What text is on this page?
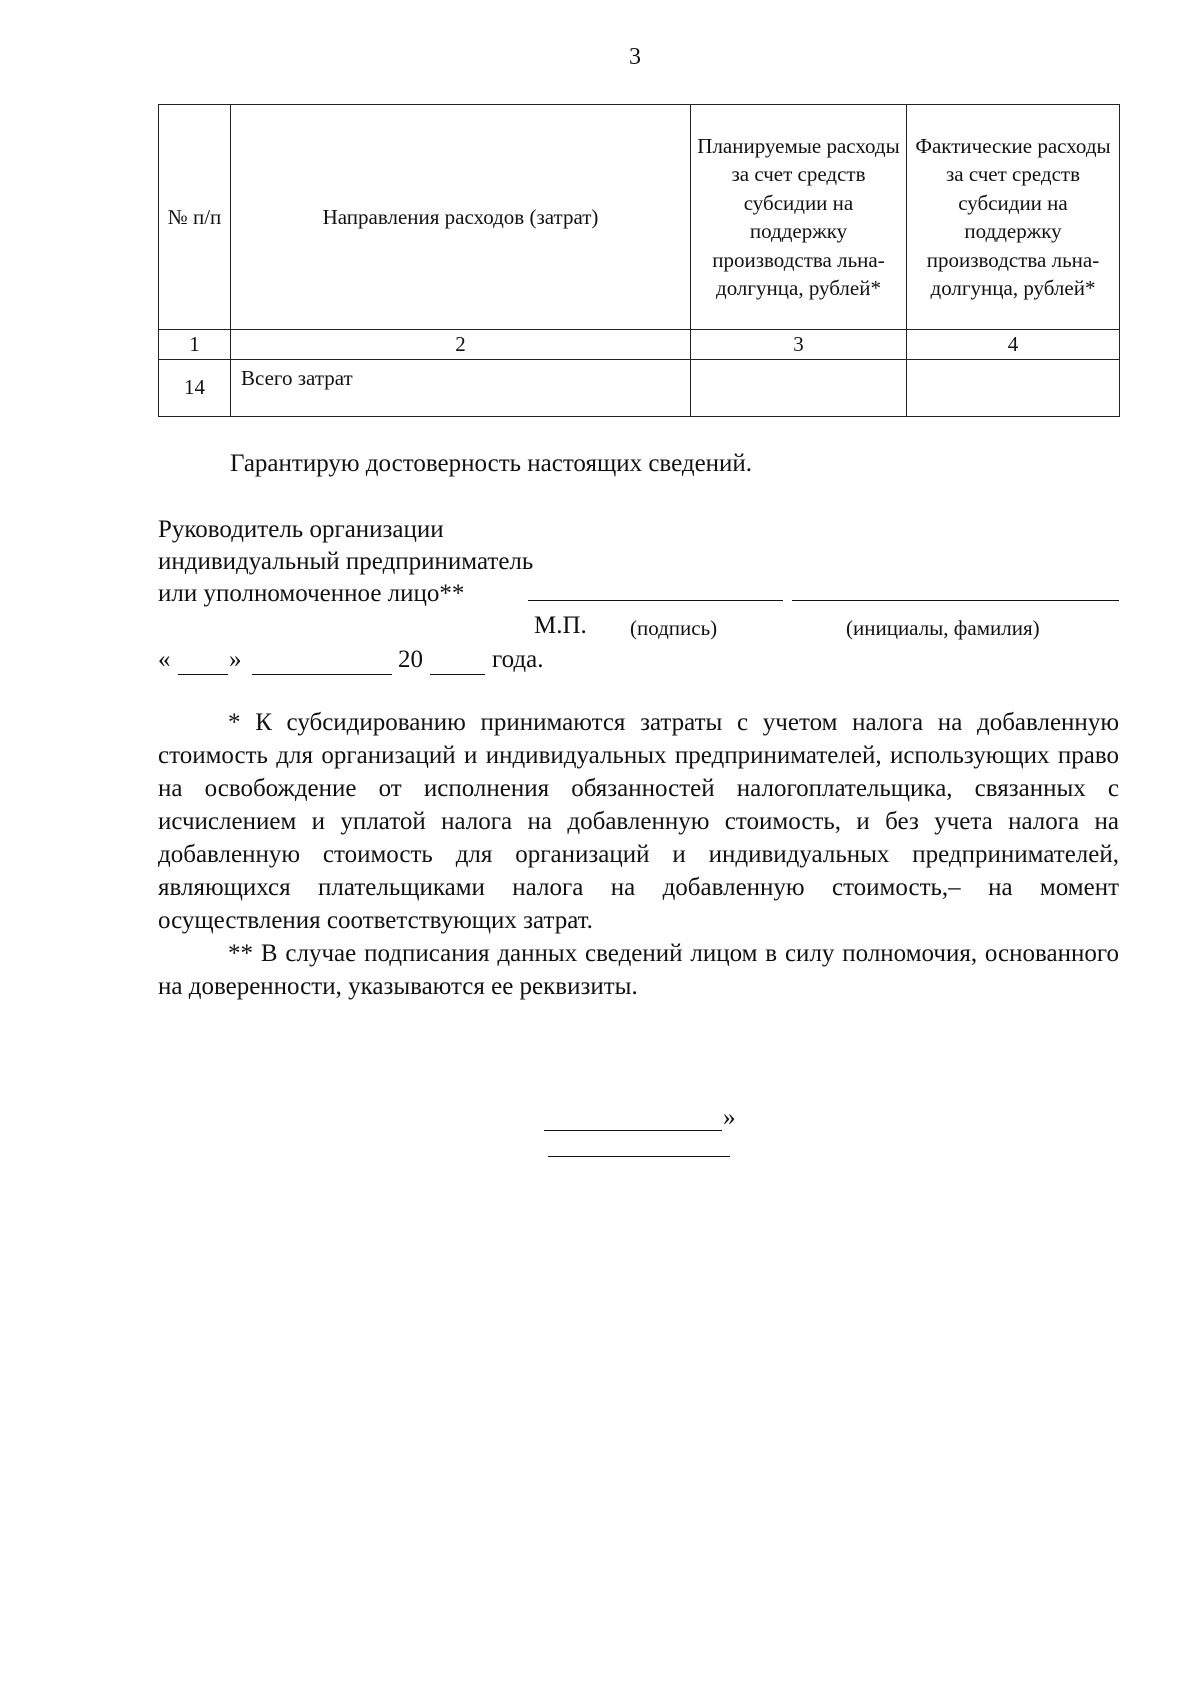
3
№ п/п	Направления расходов (затрат)	Планируемые расходы за счет средств субсидии на поддержку производства льна-долгунца, рублей*	Фактические расходы за счет средств субсидии на поддержку производства льна-долгунца, рублей*
1	2	3	4
14	Всего затрат		
Гарантирую достоверность настоящих сведений.
Руководитель организации
индивидуальный предприниматель
или уполномоченное лицо**
М.П. (подпись)	(инициалы, фамилия)
« »	20	года.

* К субсидированию принимаются затраты с учетом налога на добавленную стоимость для организаций и индивидуальных предпринимателей, использующих право на освобождение от исполнения обязанностей налогоплательщика, связанных с исчислением и уплатой налога на добавленную стоимость, и без учета налога на добавленную стоимость для организаций и индивидуальных предпринимателей, являющихся плательщиками налога на добавленную стоимость,– на момент осуществления соответствующих затрат.

** В случае подписания данных сведений лицом в силу полномочия, основанного на доверенности, указываются ее реквизиты.

»
